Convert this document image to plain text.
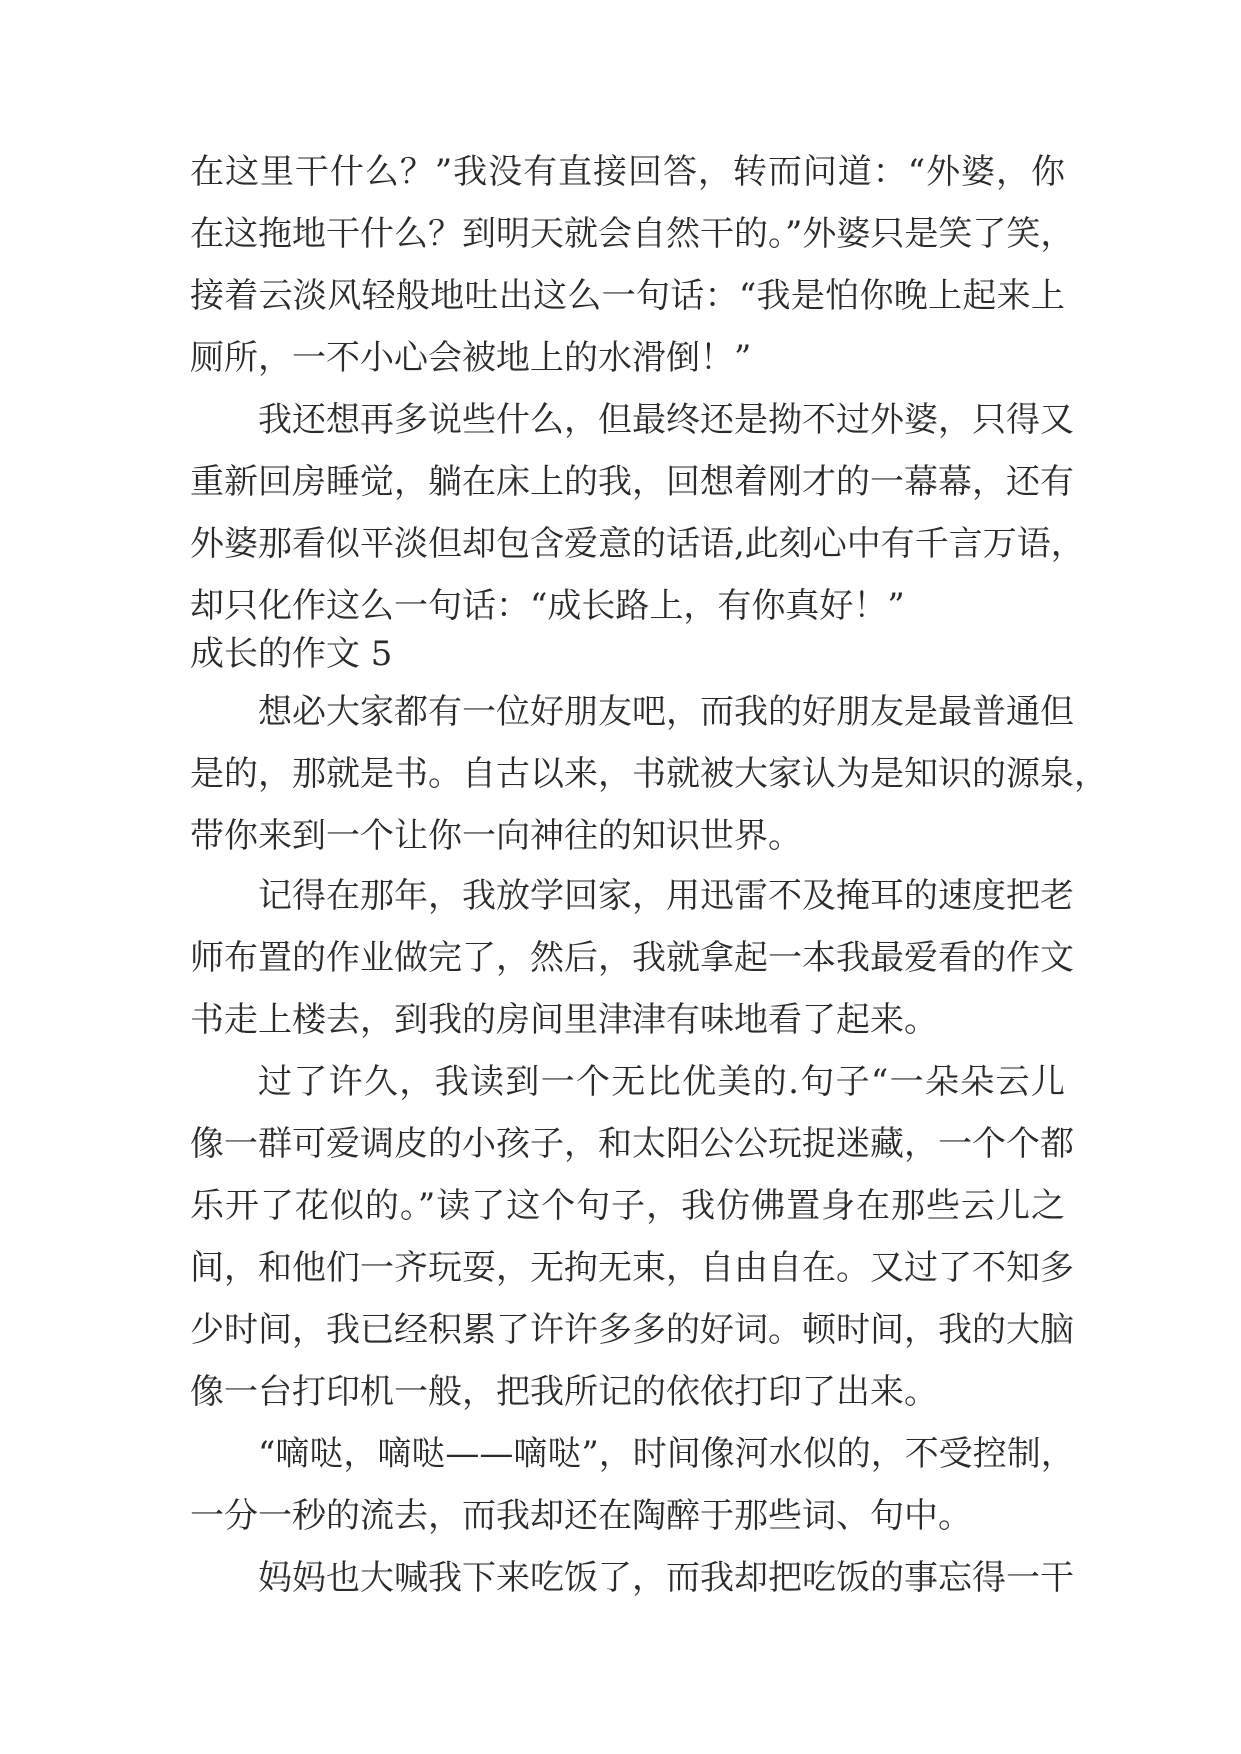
在这里干什么？”我没有直接回答，转而问道：“外婆，你
在这拖地干什么？到明天就会自然干的。”外婆只是笑了笑，
接着云淡风轻般地吐出这么一句话：“我是怕你晚上起来上
厕所，一不小心会被地上的水滑倒！”
我还想再多说些什么，但最终还是拗不过外婆，只得又
重新回房睡觉，躺在床上的我，回想着刚才的一幕幕，还有
外婆那看似平淡但却包含爱意的话语,此刻心中有千言万语，
却只化作这么一句话：“成长路上，有你真好！”
成长的作文 5
想必大家都有一位好朋友吧，而我的好朋友是最普通但
是的，那就是书。自古以来，书就被大家认为是知识的源泉，
带你来到一个让你一向神往的知识世界。
记得在那年，我放学回家，用迅雷不及掩耳的速度把老
师布置的作业做完了，然后，我就拿起一本我最爱看的作文
书走上楼去，到我的房间里津津有味地看了起来。
过了许久，我读到一个无比优美的.句子“一朵朵云儿
像一群可爱调皮的小孩子，和太阳公公玩捉迷藏，一个个都
乐开了花似的。”读了这个句子，我仿佛置身在那些云儿之
间，和他们一齐玩耍，无拘无束，自由自在。又过了不知多
少时间，我已经积累了许许多多的好词。顿时间，我的大脑
像一台打印机一般，把我所记的依依打印了出来。
“嘀哒，嘀哒——嘀哒”，时间像河水似的，不受控制，
一分一秒的流去，而我却还在陶醉于那些词、句中。
妈妈也大喊我下来吃饭了，而我却把吃饭的事忘得一干
